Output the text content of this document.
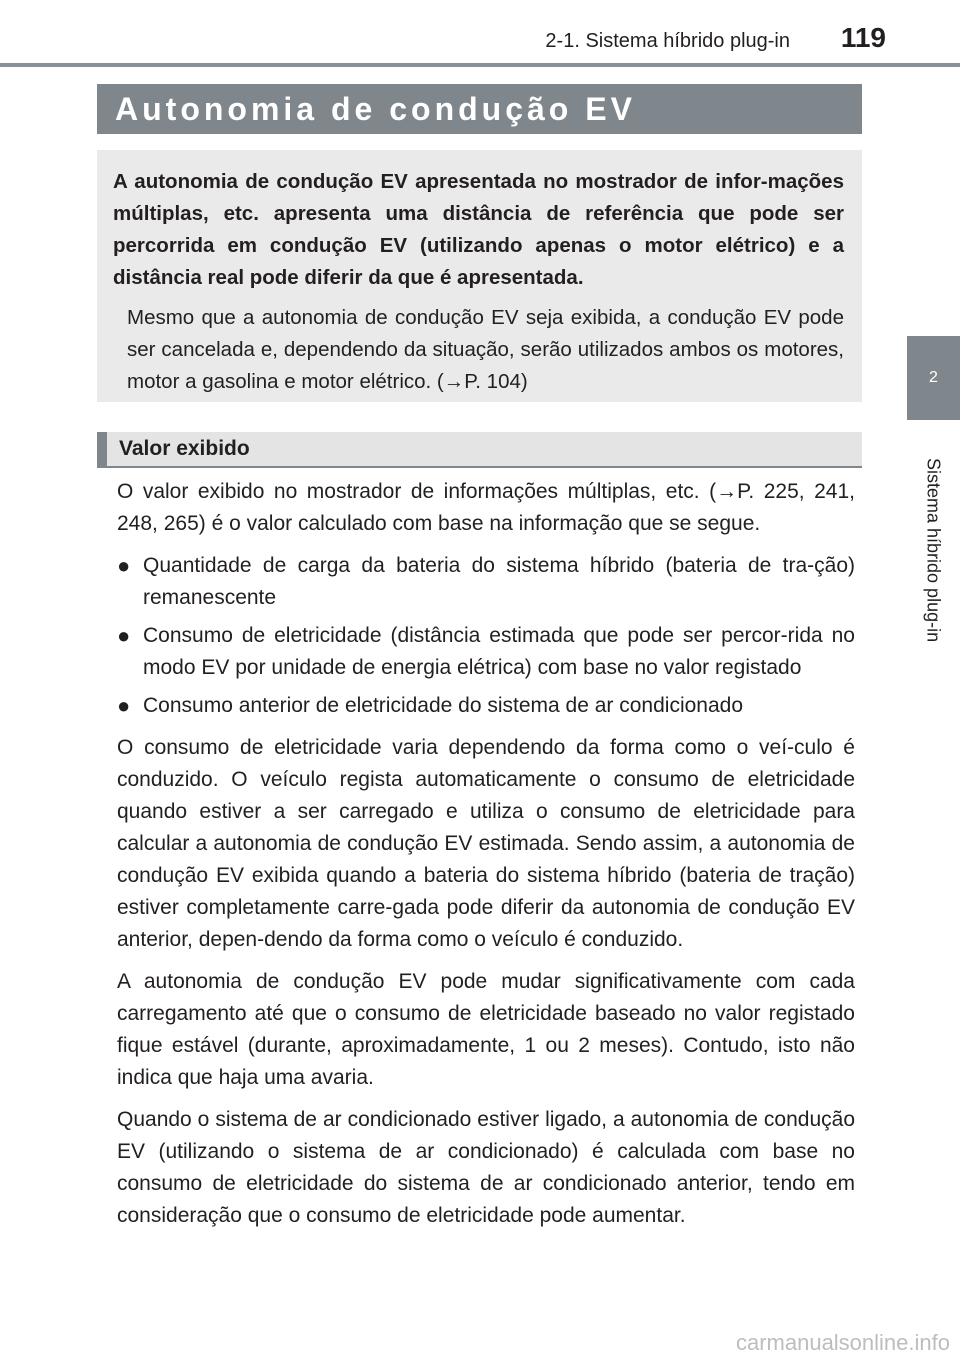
2-1. Sistema híbrido plug-in 119
2
Sistema híbrido plug-in
Autonomia de condução EV

A autonomia de condução EV apresentada no mostrador de infor-mações múltiplas, etc. apresenta uma distância de referência que pode ser percorrida em condução EV (utilizando apenas o motor elétrico) e a distância real pode diferir da que é apresentada.

Mesmo que a autonomia de condução EV seja exibida, a condução EV pode ser cancelada e, dependendo da situação, serão utilizados ambos os motores, motor a gasolina e motor elétrico. (→P. 104)

Valor exibido

O valor exibido no mostrador de informações múltiplas, etc. (→P. 225, 241, 248, 265) é o valor calculado com base na informação que se segue.

● Quantidade de carga da bateria do sistema híbrido (bateria de tra-ção) remanescente
● Consumo de eletricidade (distância estimada que pode ser percor-rida no modo EV por unidade de energia elétrica) com base no valor registado
● Consumo anterior de eletricidade do sistema de ar condicionado

O consumo de eletricidade varia dependendo da forma como o veí-culo é conduzido. O veículo regista automaticamente o consumo de eletricidade quando estiver a ser carregado e utiliza o consumo de eletricidade para calcular a autonomia de condução EV estimada. Sendo assim, a autonomia de condução EV exibida quando a bateria do sistema híbrido (bateria de tração) estiver completamente carre-gada pode diferir da autonomia de condução EV anterior, depen-dendo da forma como o veículo é conduzido.

A autonomia de condução EV pode mudar significativamente com cada carregamento até que o consumo de eletricidade baseado no valor registado fique estável (durante, aproximadamente, 1 ou 2 meses). Contudo, isto não indica que haja uma avaria.

Quando o sistema de ar condicionado estiver ligado, a autonomia de condução EV (utilizando o sistema de ar condicionado) é calculada com base no consumo de eletricidade do sistema de ar condicionado anterior, tendo em consideração que o consumo de eletricidade pode aumentar.

carmanualsonline.info
